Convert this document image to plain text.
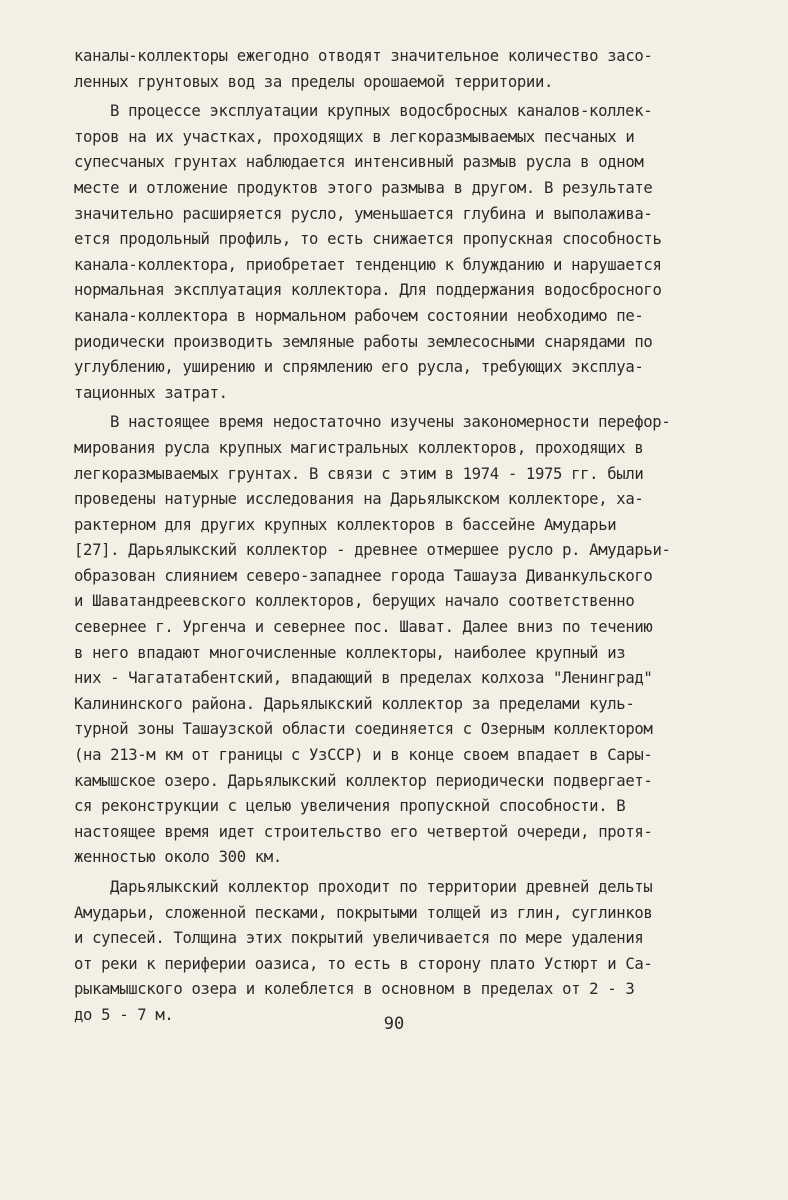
каналы-коллекторы ежегодно отводят значительное количество засо-
ленных грунтовых вод за пределы орошаемой территории.
В процессе эксплуатации крупных водосбросных каналов-коллек-
торов на их участках, проходящих в легкоразмываемых песчаных и
супесчаных грунтах наблюдается интенсивный размыв русла в одном
месте и отложение продуктов этого размыва в другом. В результате
значительно расширяется русло, уменьшается глубина и выполажива-
ется продольный профиль, то есть снижается пропускная способность
канала-коллектора, приобретает тенденцию к блужданию и нарушается
нормальная эксплуатация коллектора. Для поддержания водосбросного
канала-коллектора в нормальном рабочем состоянии необходимо пе-
риодически производить земляные работы землесосными снарядами по
углублению, уширению и спрямлению его русла, требующих эксплуа-
тационных затрат.
В настоящее время недостаточно изучены закономерности перефор-
мирования русла крупных магистральных коллекторов, проходящих в
легкоразмываемых грунтах. В связи с этим в 1974 - 1975 гг. были
проведены натурные исследования на Дарьялыкском коллекторе, ха-
рактерном для других крупных коллекторов в бассейне Амударьи
[27]. Дарьялыкский коллектор - древнее отмершее русло р. Амударьи-
образован слиянием северо-западнее города Ташауза Диванкульского
и Шаватандреевского коллекторов, берущих начало соответственно
севернее г. Ургенча и севернее пос. Шават. Далее вниз по течению
в него впадают многочисленные коллекторы, наиболее крупный из
них - Чагататабентский, впадающий в пределах колхоза "Ленинград"
Калининского района. Дарьялыкский коллектор за пределами куль-
турной зоны Ташаузской области соединяется с Озерным коллектором
(на 213-м км от границы с УзССР) и в конце своем впадает в Сары-
камышское озеро. Дарьялыкский коллектор периодически подвергает-
ся реконструкции с целью увеличения пропускной способности. В
настоящее время идет строительство его четвертой очереди, протя-
женностью около 300 км.
Дарьялыкский коллектор проходит по территории древней дельты
Амударьи, сложенной песками, покрытыми толщей из глин, суглинков
и супесей. Толщина этих покрытий увеличивается по мере удаления
от реки к периферии оазиса, то есть в сторону плато Устюрт и Са-
рыкамышского озера и колеблется в основном в пределах от 2 - 3
до 5 - 7 м.	90
